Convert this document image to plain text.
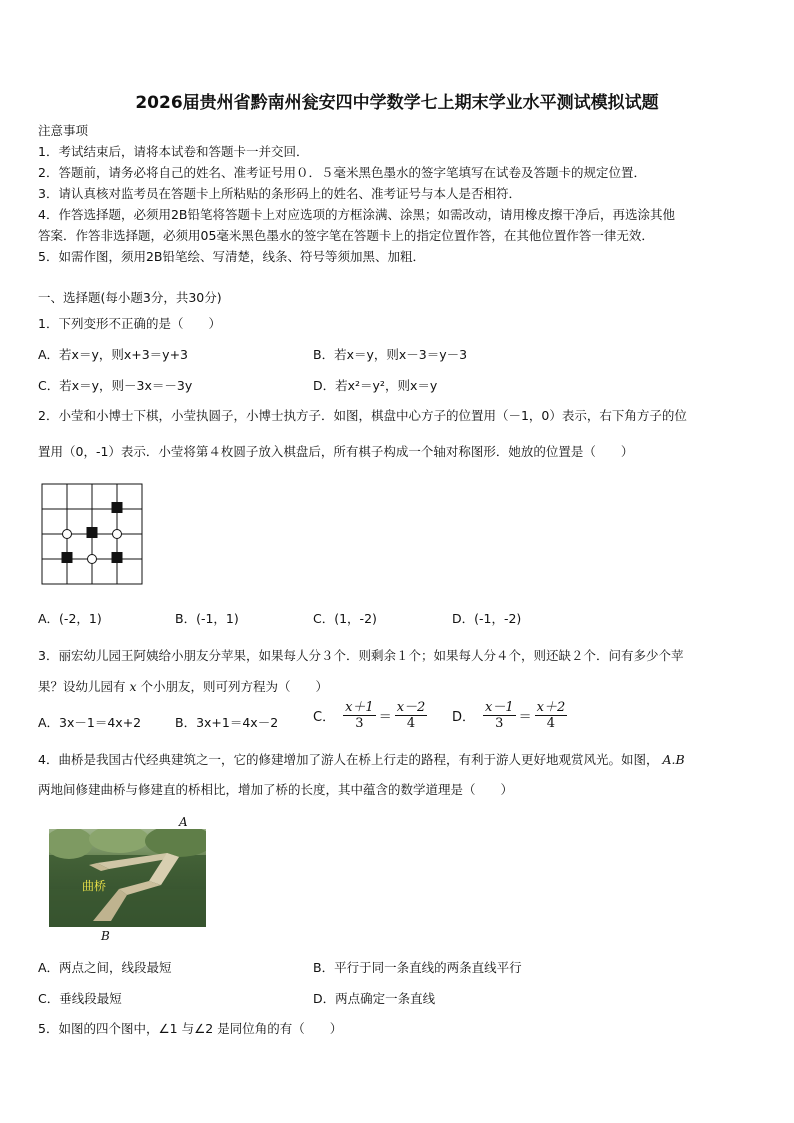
2026届贵州省黔南州瓮安四中学数学七上期末学业水平测试模拟试题
注意事项
1．考试结束后，请将本试卷和答题卡一并交回．
2．答题前，请务必将自己的姓名、准考证号用０．５毫米黑色墨水的签字笔填写在试卷及答题卡的规定位置．
3．请认真核对监考员在答题卡上所粘贴的条形码上的姓名、准考证号与本人是否相符．
4．作答选择题，必须用2B铅笔将答题卡上对应选项的方框涂满、涂黑；如需改动，请用橡皮擦干净后，再选涂其他
答案．作答非选择题，必须用05毫米黑色墨水的签字笔在答题卡上的指定位置作答，在其他位置作答一律无效．
5．如需作图，须用2B铅笔绘、写清楚，线条、符号等须加黑、加粗．
一、选择题(每小题3分，共30分)
1．下列变形不正确的是（　　）
A．若x＝y，则x+3＝y+3	B．若x＝y，则x－3＝y－3
C．若x＝y，则－3x＝－3y	D．若x²＝y²，则x＝y
2．小莹和小博士下棋，小莹执圆子，小博士执方子．如图，棋盘中心方子的位置用（－1，0）表示，右下角方子的位
置用（0，-1）表示．小莹将第４枚圆子放入棋盘后，所有棋子构成一个轴对称图形．她放的位置是（　　）
A．(-2，1)	B．(-1，1)	C．(1，-2)	D．(-1，-2)
3．丽宏幼儿园王阿姨给小朋友分苹果，如果每人分３个．则剩余１个；如果每人分４个，则还缺２个．问有多少个苹
果？设幼儿园有 x 个小朋友，则可列方程为（　　）
A．3x－1＝4x+2	B．3x+1＝4x－2	C． $\frac{x+1}{3} = \frac{x-2}{4}$ D． $\frac{x-1}{3} = \frac{x+2}{4}$
4．曲桥是我国古代经典建筑之一，它的修建增加了游人在桥上行走的路程，有利于游人更好地观赏风光。如图， A.B
两地间修建曲桥与修建直的桥相比，增加了桥的长度，其中蕴含的数学道理是（　　）
A
曲桥
B
A．两点之间，线段最短	B．平行于同一条直线的两条直线平行
C．垂线段最短	D．两点确定一条直线
5．如图的四个图中，∠1 与∠2 是同位角的有（　　）
